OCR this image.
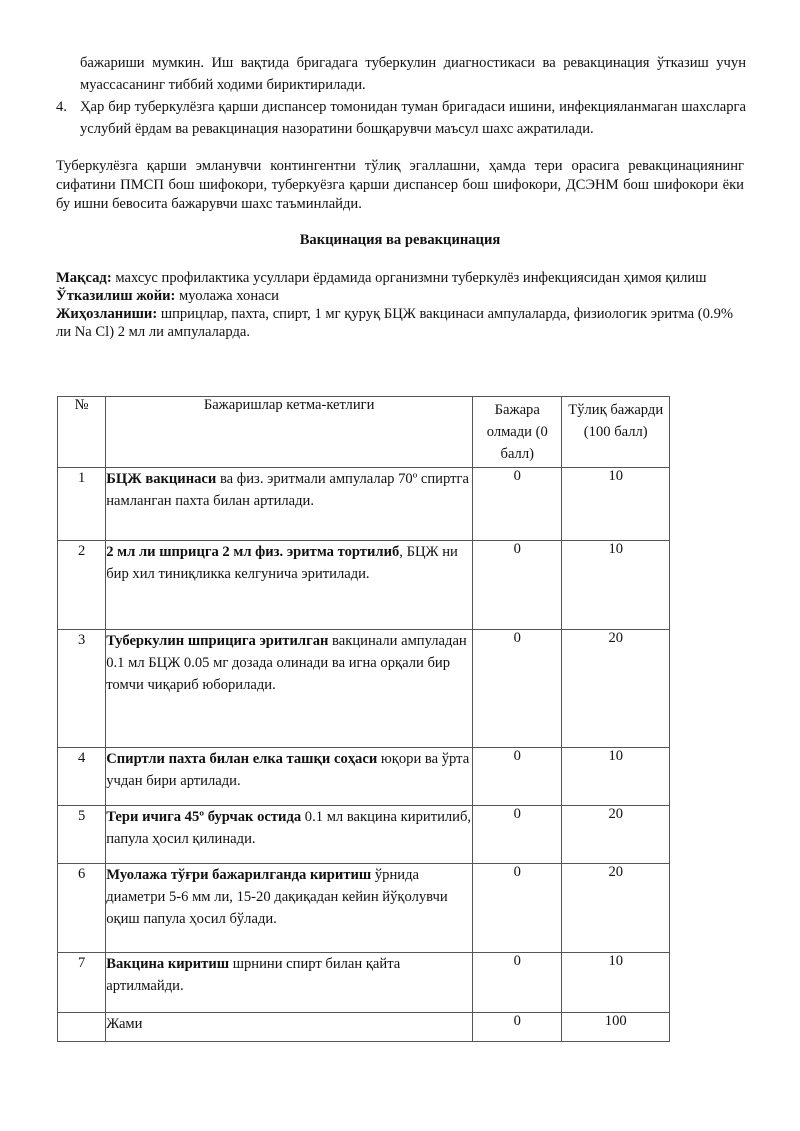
бажариши мумкин. Иш вақтида бригадага туберкулин диагностикаси ва ревакцинация ўтказиш учун муассасанинг тиббий ходими бириктирилади.
4. Ҳар бир туберкулёзга қарши диспансер томонидан туман бригадаси ишини, инфекцияланмаган шахсларга услубий ёрдам ва ревакцинация назоратини бошқарувчи маъсул шахс ажратилади.
Туберкулёзга қарши эмланувчи контингентни тўлиқ эгаллашни, ҳамда тери орасига ревакцинациянинг сифатини ПМСП бош шифокори, туберкуёзга қарши диспансер бош шифокори, ДСЭНМ бош шифокори ёки бу ишни бевосита бажарувчи шахс таъминлайди.
Вакцинация ва ревакцинация
Мақсад: махсус профилактика усуллари ёрдамида организмни туберкулёз инфекциясидан ҳимоя қилиш
Ўтказилиш жойи: муолажа хонаси
Жиҳозланиши: шприцлар, пахта, спирт, 1 мг қуруқ БЦЖ вакцинаси ампулаларда, физиологик эритма (0.9% ли Na Cl) 2 мл ли ампулаларда.
№	Бажаришлар кетма-кетлиги	Бажара олмади (0 балл)	Тўлиқ бажарди (100 балл)

1	БЦЖ вакцинаси ва физ. эритмали ампулалар 70º спиртга намланган пахта билан артилади.	0	10
2	2 мл ли шприцга 2 мл физ. эритма тортилиб, БЦЖ ни бир хил тиниқликка келгунича эритилади.	0	10
3	Туберкулин шприцига эритилган вакцинали ампуладан 0.1 мл БЦЖ 0.05 мг дозада олинади ва игна орқали бир томчи чиқариб юборилади.	0	20
4	Спиртли пахта билан елка ташқи соҳаси юқори ва ўрта учдан бири артилади.	0	10
5	Тери ичига 45º бурчак остида 0.1 мл вакцина киритилиб, папула ҳосил қилинади.	0	20
6	Муолажа тўғри бажарилганда киритиш ўрнида диаметри 5-6 мм ли, 15-20 дақиқадан кейин йўқолувчи оқиш папула ҳосил бўлади.	0	20
7	Вакцина киритиш шрнини спирт билан қайта артилмайди.	0	10
	Жами	0	100
